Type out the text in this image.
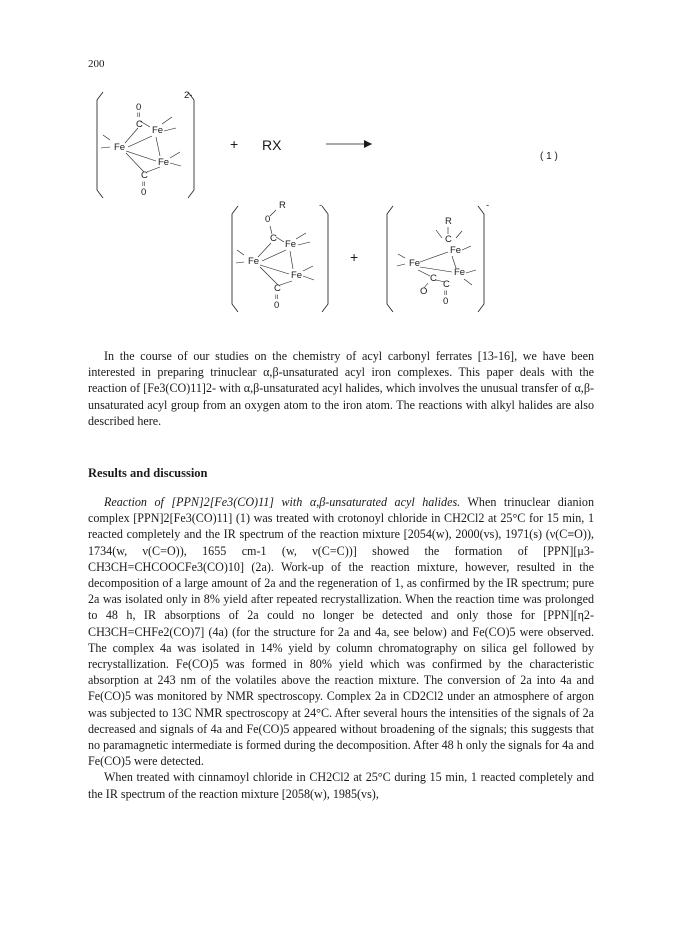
200
2-
0
II
C
Fe
Fe
Fe
C
II
0
+ RX
( 1 )
-
R
0
C
Fe
Fe
Fe
C
II
0
+
-
R
C
Fe
Fe
Fe
C
O
C
II
0

In the course of our studies on the chemistry of acyl carbonyl ferrates [13-16], we have been interested in preparing trinuclear α,β-unsaturated acyl iron complexes. This paper deals with the reaction of [Fe3(CO)11]2- with α,β-unsaturated acyl halides, which involves the unusual transfer of α,β-unsaturated acyl group from an oxygen atom to the iron atom. The reactions with alkyl halides are also described here.

Results and discussion

Reaction of [PPN]2[Fe3(CO)11] with α,β-unsaturated acyl halides. When trinuclear dianion complex [PPN]2[Fe3(CO)11] (1) was treated with crotonoyl chloride in CH2Cl2 at 25°C for 15 min, 1 reacted completely and the IR spectrum of the reaction mixture [2054(w), 2000(vs), 1971(s) (ν(C≡O)), 1734(w, ν(C=O)), 1655 cm-1 (w, ν(C=C))] showed the formation of [PPN][μ3-CH3CH=CHCOOCFe3(CO)10] (2a). Work-up of the reaction mixture, however, resulted in the decomposition of a large amount of 2a and the regeneration of 1, as confirmed by the IR spectrum; pure 2a was isolated only in 8% yield after repeated recrystallization. When the reaction time was prolonged to 48 h, IR absorptions of 2a could no longer be detected and only those for [PPN][η2-CH3CH=CHFe2(CO)7] (4a) (for the structure for 2a and 4a, see below) and Fe(CO)5 were observed. The complex 4a was isolated in 14% yield by column chromatography on silica gel followed by recrystallization. Fe(CO)5 was formed in 80% yield which was confirmed by the characteristic absorption at 243 nm of the volatiles above the reaction mixture. The conversion of 2a into 4a and Fe(CO)5 was monitored by NMR spectroscopy. Complex 2a in CD2Cl2 under an atmosphere of argon was subjected to 13C NMR spectroscopy at 24°C. After several hours the intensities of the signals of 2a decreased and signals of 4a and Fe(CO)5 appeared without broadening of the signals; this suggests that no paramagnetic intermediate is formed during the decomposition. After 48 h only the signals for 4a and Fe(CO)5 were detected.

When treated with cinnamoyl chloride in CH2Cl2 at 25°C during 15 min, 1 reacted completely and the IR spectrum of the reaction mixture [2058(w), 1985(vs),
